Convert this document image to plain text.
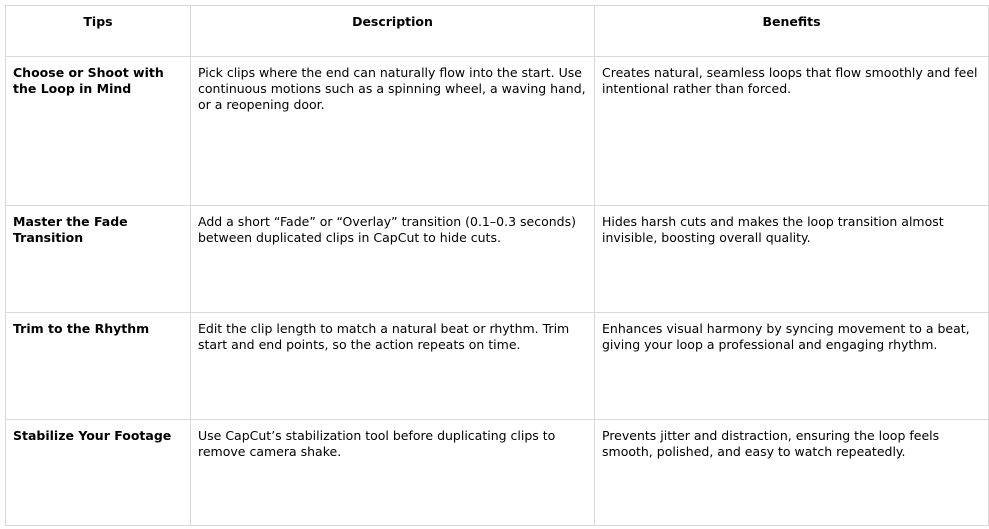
Tips	Description	Benefits
Choose or Shoot with the Loop in Mind	Pick clips where the end can naturally flow into the start. Use continuous motions such as a spinning wheel, a waving hand, or a reopening door.	Creates natural, seamless loops that flow smoothly and feel intentional rather than forced.
Master the Fade Transition	Add a short “Fade” or “Overlay” transition (0.1–0.3 seconds) between duplicated clips in CapCut to hide cuts.	Hides harsh cuts and makes the loop transition almost invisible, boosting overall quality.
Trim to the Rhythm	Edit the clip length to match a natural beat or rhythm. Trim start and end points, so the action repeats on time.	Enhances visual harmony by syncing movement to a beat, giving your loop a professional and engaging rhythm.
Stabilize Your Footage	Use CapCut’s stabilization tool before duplicating clips to remove camera shake.	Prevents jitter and distraction, ensuring the loop feels smooth, polished, and easy to watch repeatedly.
